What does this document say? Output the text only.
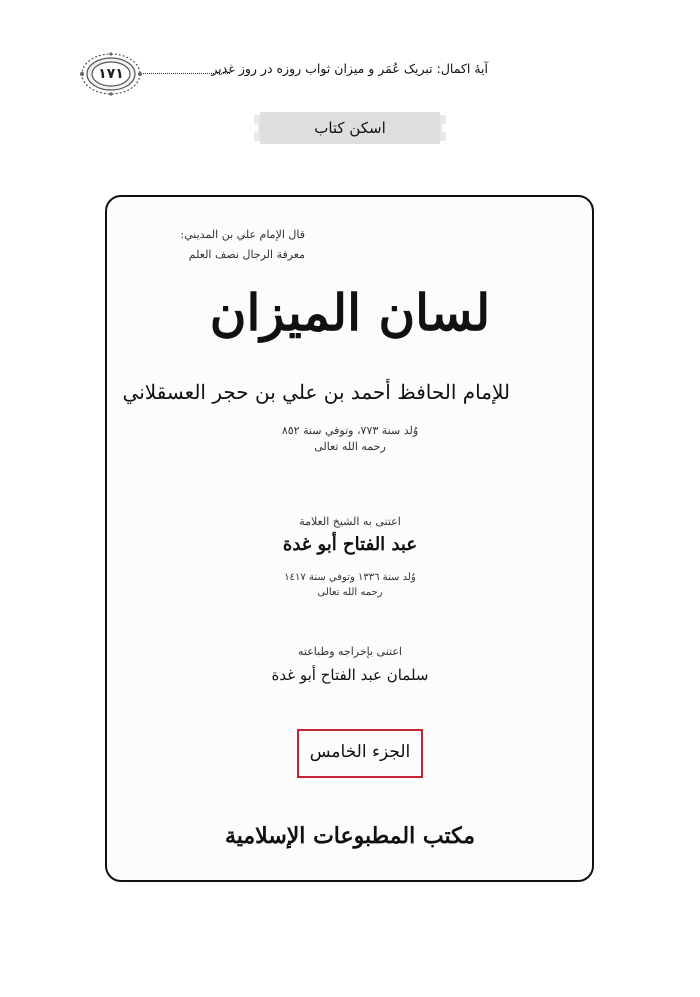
آیهٔ اکمال: تبریک عُمَر و میزان ثواب روزه در روز غدیر
۱۷۱
اسکن کتاب
قال الإمام علي بن المديني:
معرفة الرجال نصف العلم
لسان الميزان
للإمام الحافظ أحمد بن علي بن حجر العسقلاني
وُلد سنة ٧٧٣، وتوفي سنة ٨٥٢
رحمه الله تعالى
اعتنى به الشيخ العلامة
عبد الفتاح أبو غدة
وُلد سنة ١٣٣٦ وتوفي سنة ١٤١٧
رحمه الله تعالى
اعتنى بإخراجه وطباعته
سلمان عبد الفتاح أبو غدة
الجزء الخامس
مكتب المطبوعات الإسلامية
